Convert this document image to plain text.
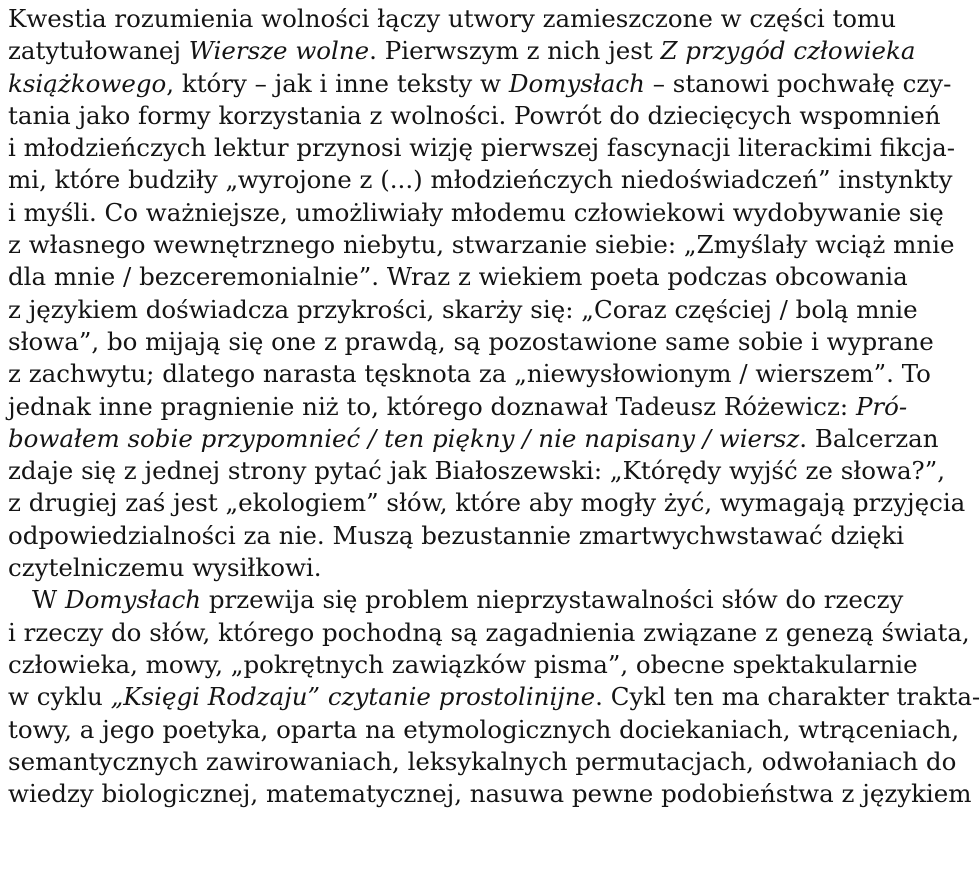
Kwestia rozumienia wolności łączy utwory zamieszczone w części tomu
zatytułowanej Wiersze wolne. Pierwszym z nich jest Z przygód człowieka
książkowego, który – jak i inne teksty w Domysłach – stanowi pochwałę czy-
tania jako formy korzystania z wolności. Powrót do dziecięcych wspomnień
i młodzieńczych lektur przynosi wizję pierwszej fascynacji literackimi fikcja-
mi, które budziły „wyrojone z (...) młodzieńczych niedoświadczeń” instynkty
i myśli. Co ważniejsze, umożliwiały młodemu człowiekowi wydobywanie się
z własnego wewnętrznego niebytu, stwarzanie siebie: „Zmyślały wciąż mnie
dla mnie / bezceremonialnie”. Wraz z wiekiem poeta podczas obcowania
z językiem doświadcza przykrości, skarży się: „Coraz częściej / bolą mnie
słowa”, bo mijają się one z prawdą, są pozostawione same sobie i wyprane
z zachwytu; dlatego narasta tęsknota za „niewysłowionym / wierszem”. To
jednak inne pragnienie niż to, którego doznawał Tadeusz Różewicz: Pró-
bowałem sobie przypomnieć / ten piękny / nie napisany / wiersz. Balcerzan
zdaje się z jednej strony pytać jak Białoszewski: „Którędy wyjść ze słowa?”,
z drugiej zaś jest „ekologiem” słów, które aby mogły żyć, wymagają przyjęcia
odpowiedzialności za nie. Muszą bezustannie zmartwychwstawać dzięki
czytelniczemu wysiłkowi.
W Domysłach przewija się problem nieprzystawalności słów do rzeczy
i rzeczy do słów, którego pochodną są zagadnienia związane z genezą świata,
człowieka, mowy, „pokrętnych zawiązków pisma”, obecne spektakularnie
w cyklu „Księgi Rodzaju” czytanie prostolinijne. Cykl ten ma charakter trakta-
towy, a jego poetyka, oparta na etymologicznych dociekaniach, wtrąceniach,
semantycznych zawirowaniach, leksykalnych permutacjach, odwołaniach do
wiedzy biologicznej, matematycznej, nasuwa pewne podobieństwa z językiem
